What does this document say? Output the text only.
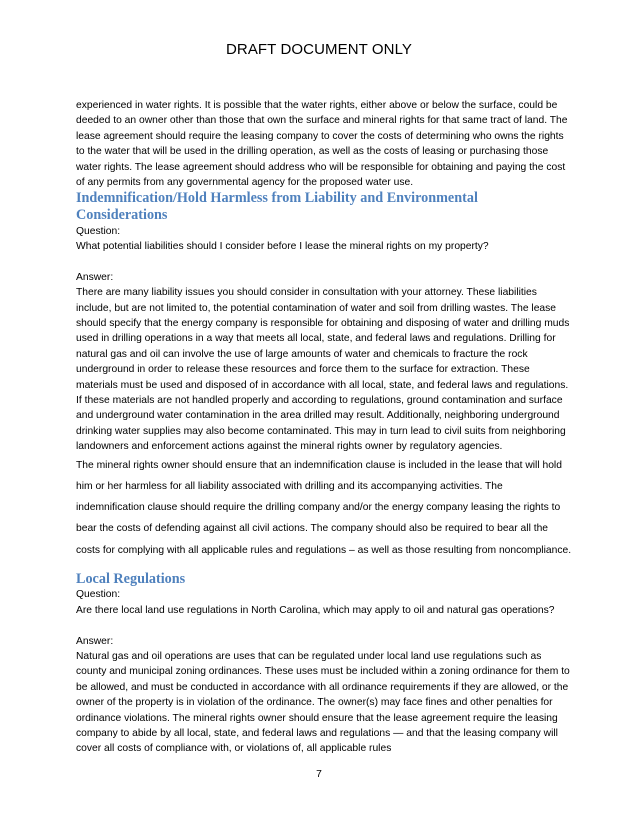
DRAFT DOCUMENT ONLY

experienced in water rights. It is possible that the water rights, either above or below the surface, could be deeded to an owner other than those that own the surface and mineral rights for that same tract of land. The lease agreement should require the leasing company to cover the costs of determining who owns the rights to the water that will be used in the drilling operation, as well as the costs of leasing or purchasing those water rights. The lease agreement should address who will be responsible for obtaining and paying the cost of any permits from any governmental agency for the proposed water use.

Indemnification/Hold Harmless from Liability and Environmental Considerations

Question:

What potential liabilities should I consider before I lease the mineral rights on my property?

Answer:

There are many liability issues you should consider in consultation with your attorney. These liabilities include, but are not limited to, the potential contamination of water and soil from drilling wastes. The lease should specify that the energy company is responsible for obtaining and disposing of water and drilling muds used in drilling operations in a way that meets all local, state, and federal laws and regulations. Drilling for natural gas and oil can involve the use of large amounts of water and chemicals to fracture the rock underground in order to release these resources and force them to the surface for extraction. These materials must be used and disposed of in accordance with all local, state, and federal laws and regulations. If these materials are not handled properly and according to regulations, ground contamination and surface and underground water contamination in the area drilled may result. Additionally, neighboring underground drinking water supplies may also become contaminated. This may in turn lead to civil suits from neighboring landowners and enforcement actions against the mineral rights owner by regulatory agencies.

The mineral rights owner should ensure that an indemnification clause is included in the lease that will hold him or her harmless for all liability associated with drilling and its accompanying activities. The indemnification clause should require the drilling company and/or the energy company leasing the rights to bear the costs of defending against all civil actions. The company should also be required to bear all the costs for complying with all applicable rules and regulations – as well as those resulting from noncompliance.

Local Regulations

Question:

Are there local land use regulations in North Carolina, which may apply to oil and natural gas operations?

Answer:

Natural gas and oil operations are uses that can be regulated under local land use regulations such as county and municipal zoning ordinances. These uses must be included within a zoning ordinance for them to be allowed, and must be conducted in accordance with all ordinance requirements if they are allowed, or the owner of the property is in violation of the ordinance. The owner(s) may face fines and other penalties for ordinance violations. The mineral rights owner should ensure that the lease agreement require the leasing company to abide by all local, state, and federal laws and regulations — and that the leasing company will cover all costs of compliance with, or violations of, all applicable rules

7
